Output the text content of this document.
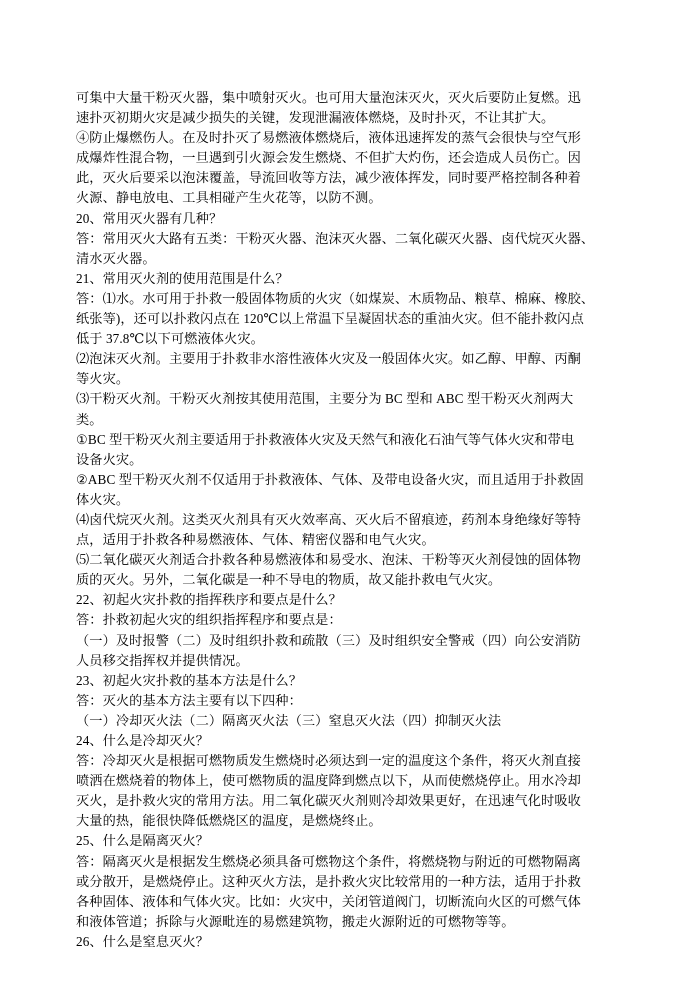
可集中大量干粉灭火器，集中喷射灭火。也可用大量泡沫灭火，灭火后要防止复燃。迅

速扑灭初期火灾是减少损失的关键，发现泄漏液体燃烧，及时扑灭，不让其扩大。

④防止爆燃伤人。在及时扑灭了易燃液体燃烧后，液体迅速挥发的蒸气会很快与空气形

成爆炸性混合物，一旦遇到引火源会发生燃烧、不但扩大灼伤，还会造成人员伤亡。因

此，灭火后要采以泡沫覆盖，导流回收等方法，减少液体挥发，同时要严格控制各种着

火源、静电放电、工具相碰产生火花等，以防不测。

20、常用灭火器有几种？

答：常用灭火大路有五类：干粉灭火器、泡沫灭火器、二氧化碳灭火器、卤代烷灭火器、

清水灭火器。

21、常用灭火剂的使用范围是什么？

答：⑴水。水可用于扑救一般固体物质的火灾（如煤炭、木质物品、粮草、棉麻、橡胶、

纸张等)，还可以扑救闪点在 120℃以上常温下呈凝固状态的重油火灾。但不能扑救闪点

低于 37.8℃以下可燃液体火灾。

⑵泡沫灭火剂。主要用于扑救非水溶性液体火灾及一般固体火灾。如乙醇、甲醇、丙酮

等火灾。

⑶干粉灭火剂。干粉灭火剂按其使用范围，主要分为 BC 型和 ABC 型干粉灭火剂两大

类。

①BC 型干粉灭火剂主要适用于扑救液体火灾及天然气和液化石油气等气体火灾和带电

设备火灾。

②ABC 型干粉灭火剂不仅适用于扑救液体、气体、及带电设备火灾，而且适用于扑救固

体火灾。

⑷卤代烷灭火剂。这类灭火剂具有灭火效率高、灭火后不留痕迹，药剂本身绝缘好等特

点，适用于扑救各种易燃液体、气体、精密仪器和电气火灾。

⑸二氧化碳灭火剂适合扑救各种易燃液体和易受水、泡沫、干粉等灭火剂侵蚀的固体物

质的灭火。另外，二氧化碳是一种不导电的物质，故又能扑救电气火灾。

22、初起火灾扑救的指挥秩序和要点是什么？

答：扑救初起火灾的组织指挥程序和要点是：

（一）及时报警（二）及时组织扑救和疏散（三）及时组织安全警戒（四）向公安消防

人员移交指挥权并提供情况。

23、初起火灾扑救的基本方法是什么？

答：灭火的基本方法主要有以下四种：

（一）冷却灭火法（二）隔离灭火法（三）窒息灭火法（四）抑制灭火法

24、什么是冷却灭火？

答：冷却灭火是根据可燃物质发生燃烧时必须达到一定的温度这个条件，将灭火剂直接

喷洒在燃烧着的物体上，使可燃物质的温度降到燃点以下，从而使燃烧停止。用水冷却

灭火，是扑救火灾的常用方法。用二氧化碳灭火剂则冷却效果更好，在迅速气化时吸收

大量的热，能很快降低燃烧区的温度，是燃烧终止。

25、什么是隔离灭火？

答：隔离灭火是根据发生燃烧必须具备可燃物这个条件，将燃烧物与附近的可燃物隔离

或分散开，是燃烧停止。这种灭火方法，是扑救火灾比较常用的一种方法，适用于扑救

各种固体、液体和气体火灾。比如：火灾中，关闭管道阀门，切断流向火区的可燃气体

和液体管道；拆除与火源毗连的易燃建筑物，搬走火源附近的可燃物等等。

26、什么是窒息灭火？
